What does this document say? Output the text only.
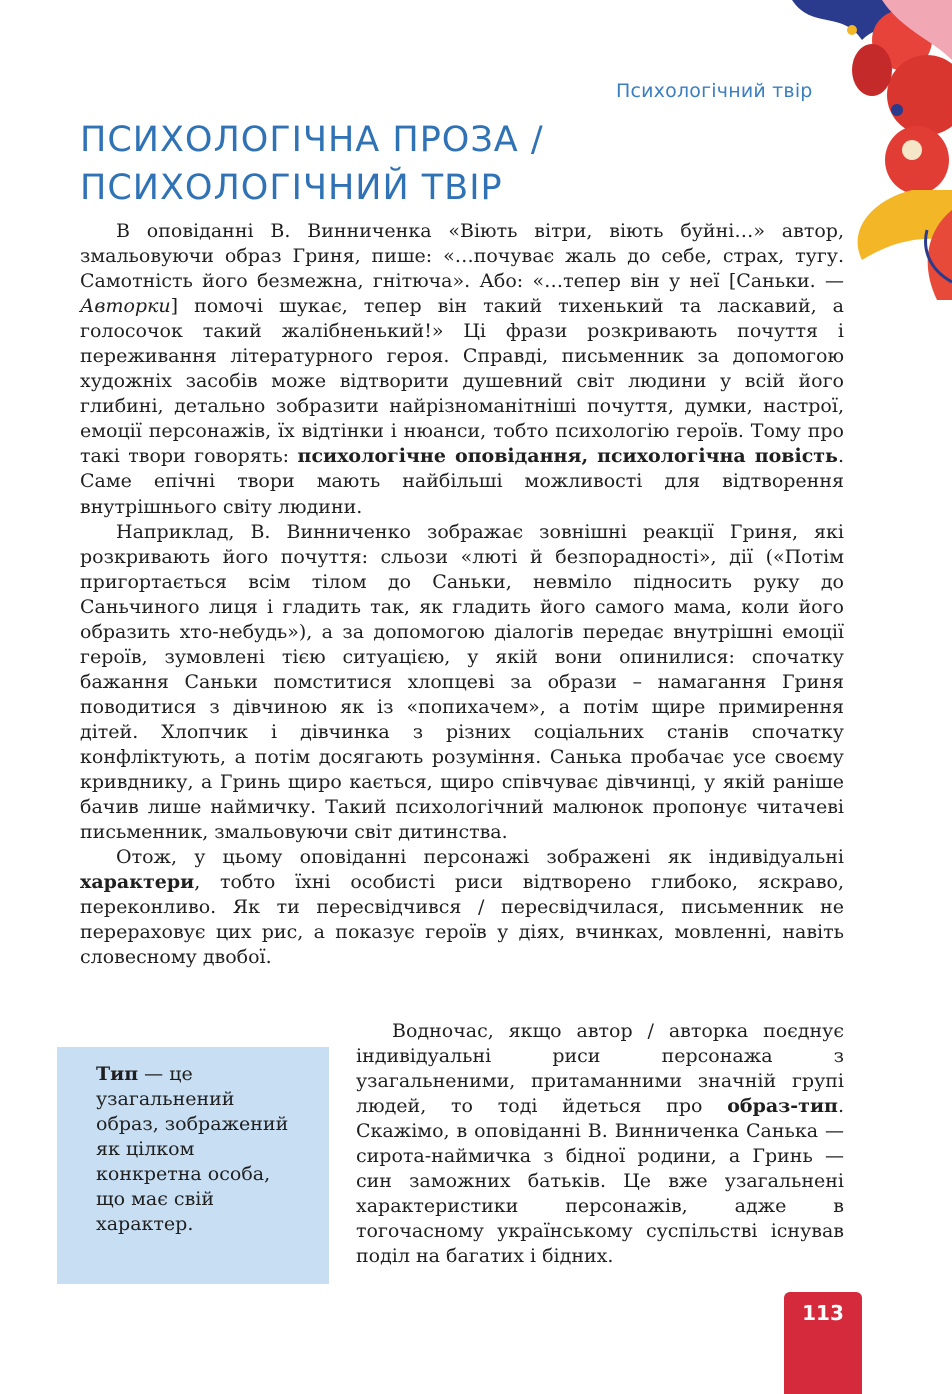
Психологічний твір
ПСИХОЛОГІЧНА ПРОЗА /
ПСИХОЛОГІЧНИЙ ТВІР

В оповіданні В. Винниченка «Віють вітри, віють буйні…» автор, змальовуючи образ Гриня, пише: «…почуває жаль до себе, страх, тугу. Самотність його безмежна, гнітюча». Або: «…тепер він у неї [Саньки. — Авторки] помочі шукає, тепер він такий тихенький та ласкавий, а голосочок такий жалібненький!» Ці фрази розкривають почуття і переживання літературного героя. Справді, письменник за допомогою художніх засобів може відтворити душевний світ людини у всій його глибині, детально зобразити найрізноманітніші почуття, думки, настрої, емоції персонажів, їх відтінки і нюанси, тобто психологію героїв. Тому про такі твори говорять: психологічне оповідання, психологічна повість. Саме епічні твори мають найбільші можливості для відтворення внутрішнього світу людини.

Наприклад, В. Винниченко зображає зовнішні реакції Гриня, які розкривають його почуття: сльози «люті й безпорадності», дії («Потім пригортається всім тілом до Саньки, невміло підносить руку до Саньчиного лиця і гладить так, як гладить його самого мама, коли його образить хто-небудь»), а за допомогою діалогів передає внутрішні емоції героїв, зумовлені тією ситуацією, у якій вони опинилися: спочатку бажання Саньки помститися хлопцеві за образи – намагання Гриня поводитися з дівчиною як із «попихачем», а потім щире примирення дітей. Хлопчик і дівчинка з різних соціальних станів спочатку конфліктують, а потім досягають розуміння. Санька пробачає усе своєму кривднику, а Гринь щиро кається, щиро співчуває дівчинці, у якій раніше бачив лише наймичку. Такий психологічний малюнок пропонує читачеві письменник, змальовуючи світ дитинства.

Отож, у цьому оповіданні персонажі зображені як індивідуальні характери, тобто їхні особисті риси відтворено глибоко, яскраво, переконливо. Як ти пересвідчився / пересвідчилася, письменник не перераховує цих рис, а показує героїв у діях, вчинках, мовленні, навіть словесному двобої.

Водночас, якщо автор / авторка поєднує індивідуальні риси персонажа з узагальненими, притаманними значній групі людей, то тоді йдеться про образ-тип. Скажімо, в оповіданні В. Винниченка Санька — сирота-наймичка з бідної родини, а Гринь — син заможних батьків. Це вже узагальнені характеристики персонажів, адже в тогочасному українському суспільстві існував поділ на багатих і бідних.

Тип — це
узагальнений
образ, зображений
як цілком
конкретна особа,
що має свій
характер.
113
